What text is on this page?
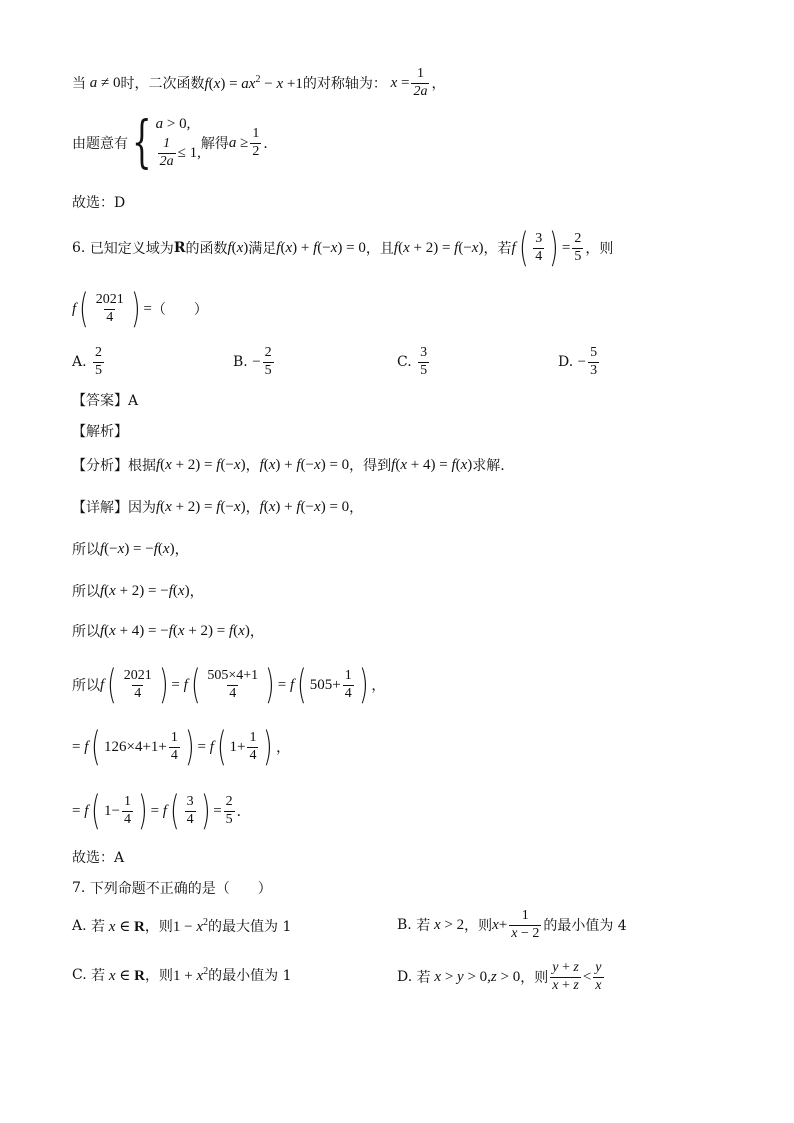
当 a ≠ 0 时，二次函数 $f(x) = ax^2 - x +1$ 的对称轴为： $x = \frac{1}{2a}$ ，
由题意有 { a > 0,
$\frac{1}{2a} \le 1$,
解得 $a \ge \frac{1}{2}$ ．
故选：D
6.
已知定义域为 R 的函数 f(x) 满足 f(x) + f(−x) = 0 ，且 f(x + 2) = f(−x) ，若 f ( $\frac{3}{4}$ ) = $\frac{2}{5}$ ，则
f ( $\frac{2021}{4}$ ) = （　　）
A.
$\frac{2}{5}$	B.
− $\frac{2}{5}$	C.
$\frac{3}{5}$	D.
− $\frac{5}{3}$
【答案】A
【解析】
【分析】 根据 f(x + 2) = f(−x) ， f(x) + f(−x) = 0 ，得到 f(x + 4) = f(x) 求解.
【详解】 因为 f(x + 2) = f(−x) ， f(x) + f(−x) = 0 ，
所以 f(−x) = −f(x) ，
所以 f(x + 2) = −f(x) ，
所以 f(x + 4) = −f(x + 2) = f(x) ，
所以 f ( $\frac{2021}{4}$ ) = f ( $\frac{505\times 4+1}{4}$ ) = f ( $505+ \frac{1}{4}$ ) ，
= f ( $126\times 4+1+ \frac{1}{4}$ ) = f ( $1+ \frac{1}{4}$ ) ，
= f ( $1- \frac{1}{4}$ ) = f ( $\frac{3}{4}$ ) = $\frac{2}{5}$ ．
故选：A
7.
下列命题不正确的是（　　）
A.
若 x ∈ R ，则 $1 - x^2$ 的最大值为 1	B.
若 x > 2 ，则 $x+ \frac{1}{x - 2}$ 的最小值为 4
C.
若 x ∈ R ，则 $1 + x^2$ 的最小值为 1	D.
若 x > y > 0,z > 0 ，则 $\frac{y + z}{x + z} < \frac{y}{x}$
